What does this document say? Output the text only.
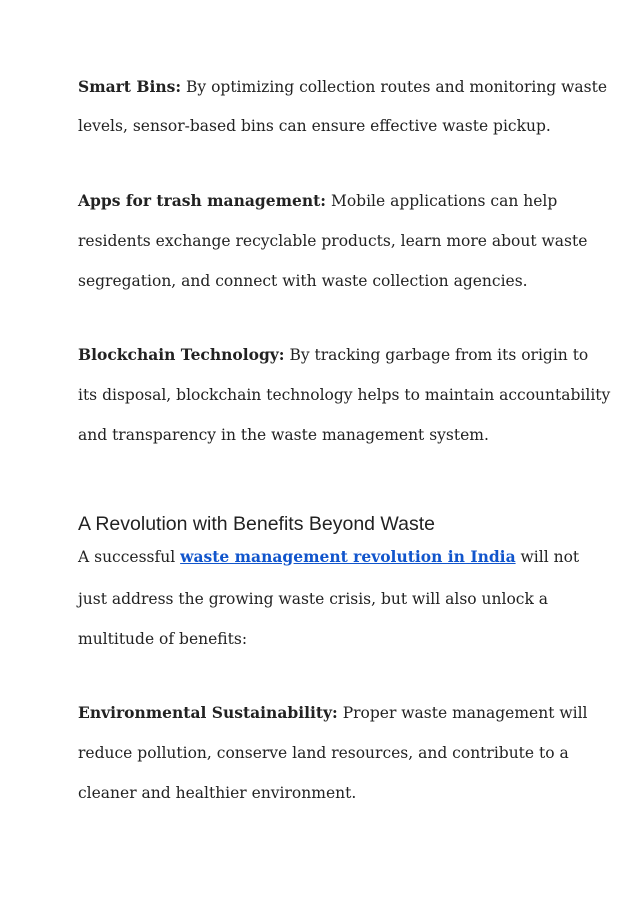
Smart Bins: By optimizing collection routes and monitoring waste

levels, sensor-based bins can ensure effective waste pickup.

Apps for trash management: Mobile applications can help

residents exchange recyclable products, learn more about waste

segregation, and connect with waste collection agencies.

Blockchain Technology: By tracking garbage from its origin to

its disposal, blockchain technology helps to maintain accountability

and transparency in the waste management system.

A Revolution with Benefits Beyond Waste

A successful waste management revolution in India will not

just address the growing waste crisis, but will also unlock a

multitude of benefits:

Environmental Sustainability: Proper waste management will

reduce pollution, conserve land resources, and contribute to a

cleaner and healthier environment.
